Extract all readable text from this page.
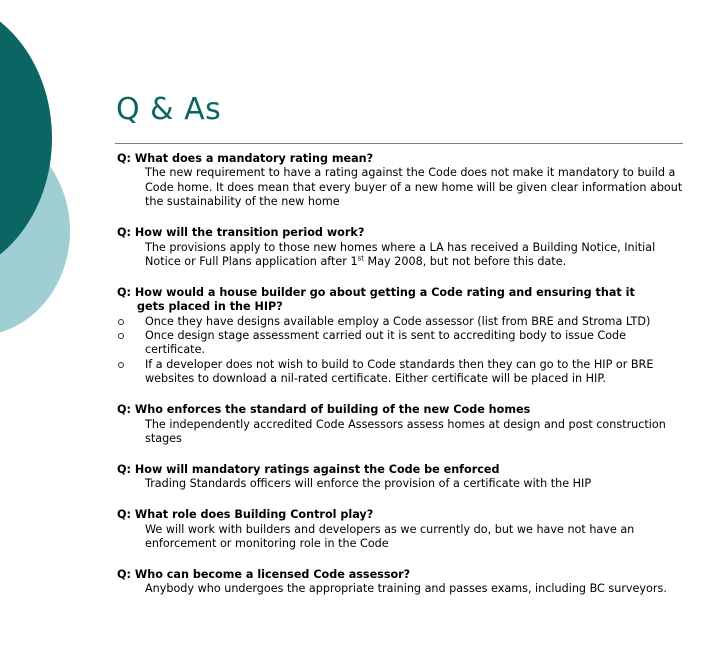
Q & As
Q: What does a mandatory rating mean?
The new requirement to have a rating against the Code does not make it mandatory to build a Code home. It does mean that every buyer of a new home will be given clear information about the sustainability of the new home
Q: How will the transition period work?
The provisions apply to those new homes where a LA has received a Building Notice, Initial Notice or Full Plans application after 1st May 2008, but not before this date.
Q: How would a house builder go about getting a Code rating and ensuring that it
gets placed in the HIP?
Once they have designs available employ a Code assessor (list from BRE and Stroma LTD)
Once design stage assessment carried out it is sent to accrediting body to issue Code certificate.
If a developer does not wish to build to Code standards then they can go to the HIP or BRE websites to download a nil-rated certificate. Either certificate will be placed in HIP.
Q: Who enforces the standard of building of the new Code homes
The independently accredited Code Assessors assess homes at design and post construction stages
Q: How will mandatory ratings against the Code be enforced
Trading Standards officers will enforce the provision of a certificate with the HIP
Q: What role does Building Control play?
We will work with builders and developers as we currently do, but we have not have an enforcement or monitoring role in the Code
Q: Who can become a licensed Code assessor?
Anybody who undergoes the appropriate training and passes exams, including BC surveyors.
